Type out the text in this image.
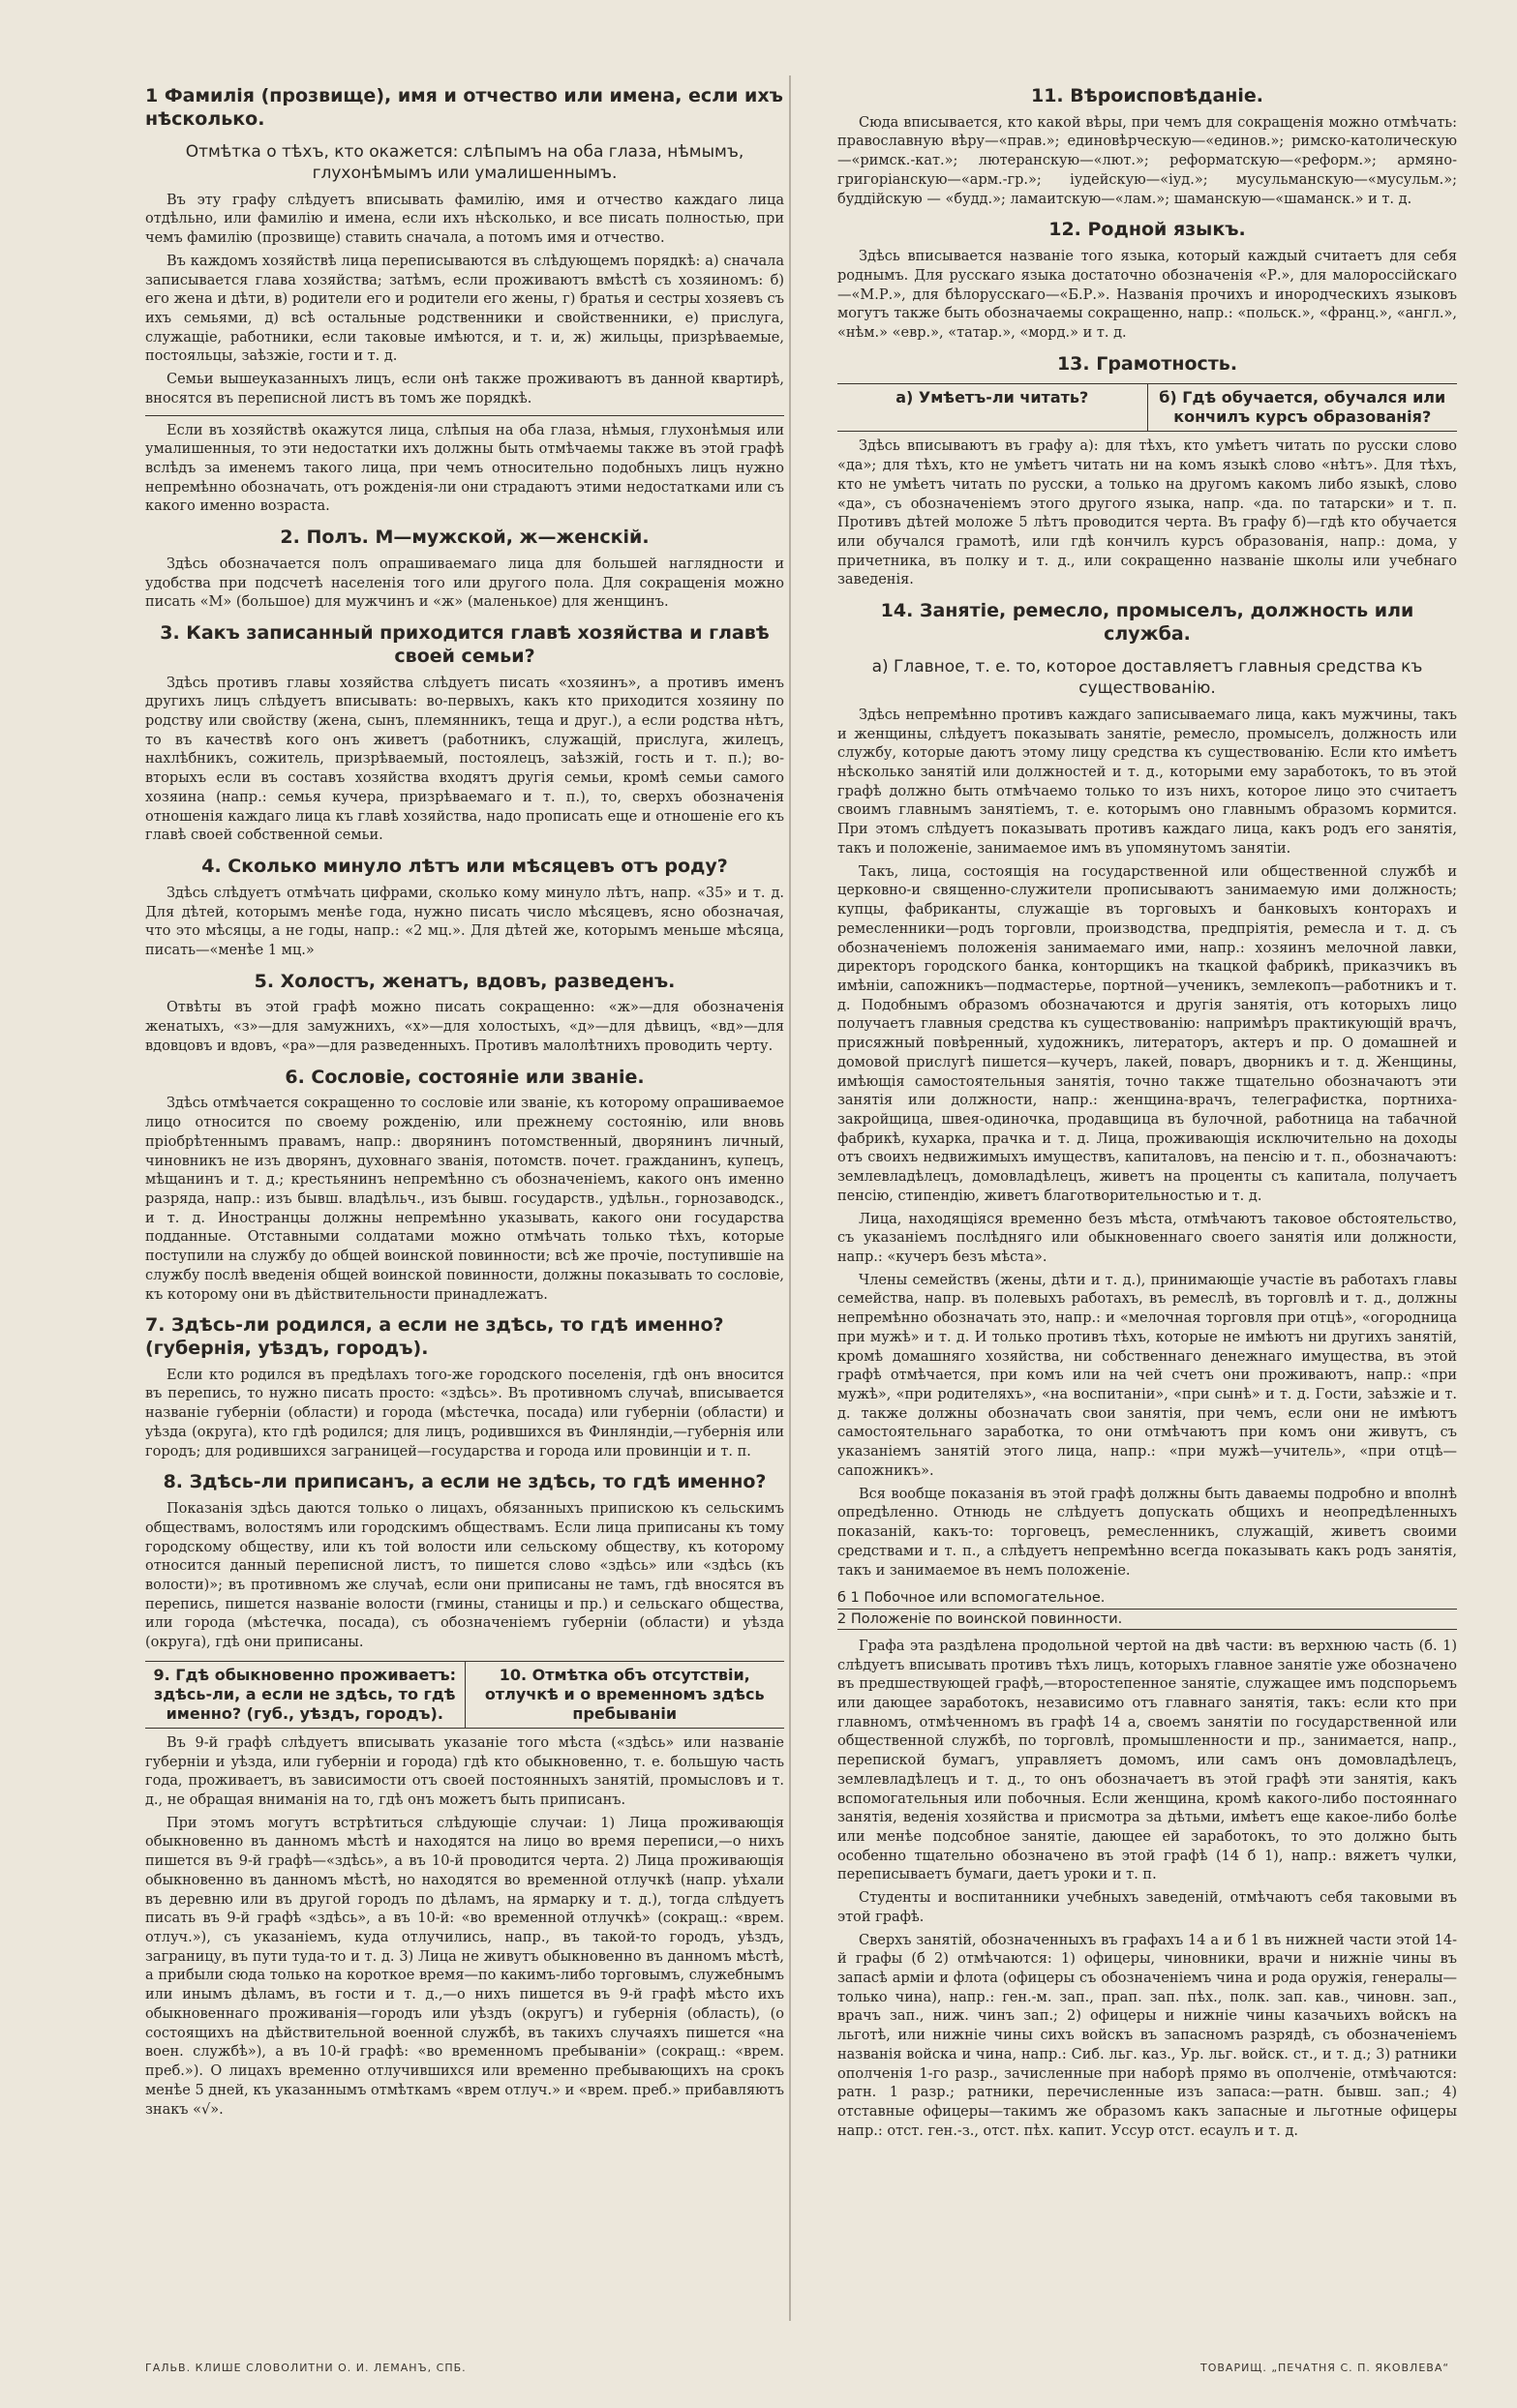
1 Фамилія (прозвище), имя и отчество или имена, если ихъ нѣсколько.
Отмѣтка о тѣхъ, кто окажется: слѣпымъ на оба глаза, нѣмымъ, глухонѣмымъ или умалишеннымъ.

Въ эту графу слѣдуетъ вписывать фамилію, имя и отчество каждаго лица отдѣльно, или фамилію и имена, если ихъ нѣсколько, и все писать полностью, при чемъ фамилію (прозвище) ставить сначала, а потомъ имя и отчество.

Въ каждомъ хозяйствѣ лица переписываются въ слѣдующемъ порядкѣ: а) сначала записывается глава хозяйства; затѣмъ, если проживаютъ вмѣстѣ съ хозяиномъ: б) его жена и дѣти, в) родители его и родители его жены, г) братья и сестры хозяевъ съ ихъ семьями, д) всѣ остальные родственники и свойственники, е) прислуга, служащіе, работники, если таковые имѣются, и т. и, ж) жильцы, призрѣваемые, постояльцы, заѣзжіе, гости и т. д.

Семьи вышеуказанныхъ лицъ, если онѣ также проживаютъ въ данной квартирѣ, вносятся въ переписной листъ въ томъ же порядкѣ.

Если въ хозяйствѣ окажутся лица, слѣпыя на оба глаза, нѣмыя, глухонѣмыя или умалишенныя, то эти недостатки ихъ должны быть отмѣчаемы также въ этой графѣ вслѣдъ за именемъ такого лица, при чемъ относительно подобныхъ лицъ нужно непремѣнно обозначать, отъ рожденія-ли они страдаютъ этими недостатками или съ какого именно возраста.

2. Полъ. М—мужской, ж—женскій.

Здѣсь обозначается полъ опрашиваемаго лица для большей наглядности и удобства при подсчетѣ населенія того или другого пола. Для сокращенія можно писать «М» (большое) для мужчинъ и «ж» (маленькое) для женщинъ.

3. Какъ записанный приходится главѣ хозяйства и главѣ своей семьи?

Здѣсь противъ главы хозяйства слѣдуетъ писать «хозяинъ», а противъ именъ другихъ лицъ слѣдуетъ вписывать: во-первыхъ, какъ кто приходится хозяину по родству или свойству (жена, сынъ, племянникъ, теща и друг.), а если родства нѣтъ, то въ качествѣ кого онъ живетъ (работникъ, служащій, прислуга, жилецъ, нахлѣбникъ, сожитель, призрѣваемый, постоялецъ, заѣзжій, гость и т. п.); во-вторыхъ если въ составъ хозяйства входятъ другія семьи, кромѣ семьи самого хозяина (напр.: семья кучера, призрѣваемаго и т. п.), то, сверхъ обозначенія отношенія каждаго лица къ главѣ хозяйства, надо прописать еще и отношеніе его къ главѣ своей собственной семьи.

4. Сколько минуло лѣтъ или мѣсяцевъ отъ роду?

Здѣсь слѣдуетъ отмѣчать цифрами, сколько кому минуло лѣтъ, напр. «35» и т. д. Для дѣтей, которымъ менѣе года, нужно писать число мѣсяцевъ, ясно обозначая, что это мѣсяцы, а не годы, напр.: «2 мц.». Для дѣтей же, которымъ меньше мѣсяца, писать—«менѣе 1 мц.»

5. Холостъ, женатъ, вдовъ, разведенъ.

Отвѣты въ этой графѣ можно писать сокращенно: «ж»—для обозначенія женатыхъ, «з»—для замужнихъ, «х»—для холостыхъ, «д»—для дѣвицъ, «вд»—для вдовцовъ и вдовъ, «ра»—для разведенныхъ. Противъ малолѣтнихъ проводить черту.

6. Сословіе, состояніе или званіе.

Здѣсь отмѣчается сокращенно то сословіе или званіе, къ которому опрашиваемое лицо относится по своему рожденію, или прежнему состоянію, или вновь пріобрѣтеннымъ правамъ, напр.: дворянинъ потомственный, дворянинъ личный, чиновникъ не изъ дворянъ, духовнаго званія, потомств. почет. гражданинъ, купецъ, мѣщанинъ и т. д.; крестьянинъ непремѣнно съ обозначеніемъ, какого онъ именно разряда, напр.: изъ бывш. владѣльч., изъ бывш. государств., удѣльн., горнозаводск., и т. д. Иностранцы должны непремѣнно указывать, какого они государства подданные. Отставными солдатами можно отмѣчать только тѣхъ, которые поступили на службу до общей воинской повинности; всѣ же прочіе, поступившіе на службу послѣ введенія общей воинской повинности, должны показывать то сословіе, къ которому они въ дѣйствительности принадлежатъ.

7. Здѣсь-ли родился, а если не здѣсь, то гдѣ именно? (губернія, уѣздъ, городъ).

Если кто родился въ предѣлахъ того-же городского поселенія, гдѣ онъ вносится въ перепись, то нужно писать просто: «здѣсь». Въ противномъ случаѣ, вписывается названіе губерніи (области) и города (мѣстечка, посада) или губерніи (области) и уѣзда (округа), кто гдѣ родился; для лицъ, родившихся въ Финляндіи,—губернія или городъ; для родившихся заграницей—государства и города или провинціи и т. п.

8. Здѣсь-ли приписанъ, а если не здѣсь, то гдѣ именно?

Показанія здѣсь даются только о лицахъ, обязанныхъ припискою къ сельскимъ обществамъ, волостямъ или городскимъ обществамъ. Если лица приписаны къ тому городскому обществу, или къ той волости или сельскому обществу, къ которому относится данный переписной листъ, то пишется слово «здѣсь» или «здѣсь (къ волости)»; въ противномъ же случаѣ, если они приписаны не тамъ, гдѣ вносятся въ перепись, пишется названіе волости (гмины, станицы и пр.) и сельскаго общества, или города (мѣстечка, посада), съ обозначеніемъ губерніи (области) и уѣзда (округа), гдѣ они приписаны.

9. Гдѣ обыкновенно проживаетъ: здѣсь-ли, а если не здѣсь, то гдѣ именно? (губ., уѣздъ, городъ).
10. Отмѣтка объ отсутствіи, отлучкѣ и о временномъ здѣсь пребываніи

Въ 9-й графѣ слѣдуетъ вписывать указаніе того мѣста («здѣсь» или названіе губерніи и уѣзда, или губерніи и города) гдѣ кто обыкновенно, т. е. большую часть года, проживаетъ, въ зависимости отъ своей постоянныхъ занятій, промысловъ и т. д., не обращая вниманія на то, гдѣ онъ можетъ быть приписанъ.

При этомъ могутъ встрѣтиться слѣдующіе случаи: 1) Лица проживающія обыкновенно въ данномъ мѣстѣ и находятся на лицо во время переписи,—о нихъ пишется въ 9-й графѣ—«здѣсь», а въ 10-й проводится черта. 2) Лица проживающія обыкновенно въ данномъ мѣстѣ, но находятся во временной отлучкѣ (напр. уѣхали въ деревню или въ другой городъ по дѣламъ, на ярмарку и т. д.), тогда слѣдуетъ писать въ 9-й графѣ «здѣсь», а въ 10-й: «во временной отлучкѣ» (сокращ.: «врем. отлуч.»), съ указаніемъ, куда отлучились, напр., въ такой-то городъ, уѣздъ, заграницу, въ пути туда-то и т. д. 3) Лица не живутъ обыкновенно въ данномъ мѣстѣ, а прибыли сюда только на короткое время—по какимъ-либо торговымъ, служебнымъ или инымъ дѣламъ, въ гости и т. д.,—о нихъ пишется въ 9-й графѣ мѣсто ихъ обыкновеннаго проживанія—городъ или уѣздъ (округъ) и губернія (область), (о состоящихъ на дѣйствительной военной службѣ, въ такихъ случаяхъ пишется «на воен. службѣ»), а въ 10-й графѣ: «во временномъ пребываніи» (сокращ.: «врем. преб.»). О лицахъ временно отлучившихся или временно пребывающихъ на срокъ менѣе 5 дней, къ указаннымъ отмѣткамъ «врем отлуч.» и «врем. преб.» прибавляютъ знакъ «√».

11. Вѣроисповѣданіе.

Сюда вписывается, кто какой вѣры, при чемъ для сокращенія можно отмѣчать: православную вѣру—«прав.»; единовѣрческую—«единов.»; римско-католическую—«римск.-кат.»; лютеранскую—«лют.»; реформатскую—«реформ.»; армяно-григоріанскую—«арм.-гр.»; іудейскую—«іуд.»; мусульманскую—«мусульм.»; буддійскую — «будд.»; ламаитскую—«лам.»; шаманскую—«шаманск.» и т. д.

12. Родной языкъ.

Здѣсь вписывается названіе того языка, который каждый считаетъ для себя роднымъ. Для русскаго языка достаточно обозначенія «Р.», для малороссійскаго—«М.Р.», для бѣлорусскаго—«Б.Р.». Названія прочихъ и инородческихъ языковъ могутъ также быть обозначаемы сокращенно, напр.: «польск.», «франц.», «англ.», «нѣм.» «евр.», «татар.», «морд.» и т. д.

13. Грамотность.
а) Умѣетъ-ли читать?	б) Гдѣ обучается, обучался или кончилъ курсъ образованія?

Здѣсь вписываютъ въ графу а): для тѣхъ, кто умѣетъ читать по русски слово «да»; для тѣхъ, кто не умѣетъ читать ни на комъ языкѣ слово «нѣтъ». Для тѣхъ, кто не умѣетъ читать по русски, а только на другомъ какомъ либо языкѣ, слово «да», съ обозначеніемъ этого другого языка, напр. «да. по татарски» и т. п. Противъ дѣтей моложе 5 лѣтъ проводится черта. Въ графу б)—гдѣ кто обучается или обучался грамотѣ, или гдѣ кончилъ курсъ образованія, напр.: дома, у причетника, въ полку и т. д., или сокращенно названіе школы или учебнаго заведенія.

14. Занятіе, ремесло, промыселъ, должность или служба.
а) Главное, т. е. то, которое доставляетъ главныя средства къ существованію.

Здѣсь непремѣнно противъ каждаго записываемаго лица, какъ мужчины, такъ и женщины, слѣдуетъ показывать занятіе, ремесло, промыселъ, должность или службу, которые даютъ этому лицу средства къ существованію. Если кто имѣетъ нѣсколько занятій или должностей и т. д., которыми ему заработокъ, то въ этой графѣ должно быть отмѣчаемо только то изъ нихъ, которое лицо это считаетъ своимъ главнымъ занятіемъ, т. е. которымъ оно главнымъ образомъ кормится. При этомъ слѣдуетъ показывать противъ каждаго лица, какъ родъ его занятія, такъ и положеніе, занимаемое имъ въ упомянутомъ занятіи.

Такъ, лица, состоящія на государственной или общественной службѣ и церковно-и священно-служители прописываютъ занимаемую ими должность; купцы, фабриканты, служащіе въ торговыхъ и банковыхъ конторахъ и ремесленники—родъ торговли, производства, предпріятія, ремесла и т. д. съ обозначеніемъ положенія занимаемаго ими, напр.: хозяинъ мелочной лавки, директоръ городского банка, конторщикъ на ткацкой фабрикѣ, приказчикъ въ имѣніи, сапожникъ—подмастерье, портной—ученикъ, землекопъ—работникъ и т. д. Подобнымъ образомъ обозначаются и другія занятія, отъ которыхъ лицо получаетъ главныя средства къ существованію: напримѣръ практикующій врачъ, присяжный повѣренный, художникъ, литераторъ, актеръ и пр. О домашней и домовой прислугѣ пишется—кучеръ, лакей, поваръ, дворникъ и т. д. Женщины, имѣющія самостоятельныя занятія, точно также тщательно обозначаютъ эти занятія или должности, напр.: женщина-врачъ, телеграфистка, портниха-закройщица, швея-одиночка, продавщица въ булочной, работница на табачной фабрикѣ, кухарка, прачка и т. д. Лица, проживающія исключительно на доходы отъ своихъ недвижимыхъ имуществъ, капиталовъ, на пенсію и т. п., обозначаютъ: землевладѣлецъ, домовладѣлецъ, живетъ на проценты съ капитала, получаетъ пенсію, стипендію, живетъ благотворительностью и т. д.

Лица, находящіяся временно безъ мѣста, отмѣчаютъ таковое обстоятельство, съ указаніемъ послѣдняго или обыкновеннаго своего занятія или должности, напр.: «кучеръ безъ мѣста».

Члены семействъ (жены, дѣти и т. д.), принимающіе участіе въ работахъ главы семейства, напр. въ полевыхъ работахъ, въ ремеслѣ, въ торговлѣ и т. д., должны непремѣнно обозначать это, напр.: и «мелочная торговля при отцѣ», «огородница при мужѣ» и т. д. И только противъ тѣхъ, которые не имѣютъ ни другихъ занятій, кромѣ домашняго хозяйства, ни собственнаго денежнаго имущества, въ этой графѣ отмѣчается, при комъ или на чей счетъ они проживаютъ, напр.: «при мужѣ», «при родителяхъ», «на воспитаніи», «при сынѣ» и т. д. Гости, заѣзжіе и т. д. также должны обозначать свои занятія, при чемъ, если они не имѣютъ самостоятельнаго заработка, то они отмѣчаютъ при комъ они живутъ, съ указаніемъ занятій этого лица, напр.: «при мужѣ—учитель», «при отцѣ—сапожникъ».

Вся вообще показанія въ этой графѣ должны быть даваемы подробно и вполнѣ опредѣленно. Отнюдь не слѣдуетъ допускать общихъ и неопредѣленныхъ показаній, какъ-то: торговецъ, ремесленникъ, служащій, живетъ своими средствами и т. п., а слѣдуетъ непремѣнно всегда показывать какъ родъ занятія, такъ и занимаемое въ немъ положеніе.

б 1 Побочное или вспомогательное.
2 Положеніе по воинской повинности.

Графа эта раздѣлена продольной чертой на двѣ части: въ верхнюю часть (б. 1) слѣдуетъ вписывать противъ тѣхъ лицъ, которыхъ главное занятіе уже обозначено въ предшествующей графѣ,—второстепенное занятіе, служащее имъ подспорьемъ или дающее заработокъ, независимо отъ главнаго занятія, такъ: если кто при главномъ, отмѣченномъ въ графѣ 14 а, своемъ занятіи по государственной или общественной службѣ, по торговлѣ, промышленности и пр., занимается, напр., перепиской бумагъ, управляетъ домомъ, или самъ онъ домовладѣлецъ, землевладѣлецъ и т. д., то онъ обозначаетъ въ этой графѣ эти занятія, какъ вспомогательныя или побочныя. Если женщина, кромѣ какого-либо постояннаго занятія, веденія хозяйства и присмотра за дѣтьми, имѣетъ еще какое-либо болѣе или менѣе подсобное занятіе, дающее ей заработокъ, то это должно быть особенно тщательно обозначено въ этой графѣ (14 б 1), напр.: вяжетъ чулки, переписываетъ бумаги, даетъ уроки и т. п.

Студенты и воспитанники учебныхъ заведеній, отмѣчаютъ себя таковыми въ этой графѣ.

Сверхъ занятій, обозначенныхъ въ графахъ 14 а и б 1 въ нижней части этой 14-й графы (б 2) отмѣчаются: 1) офицеры, чиновники, врачи и нижніе чины въ запасѣ арміи и флота (офицеры съ обозначеніемъ чина и рода оружія, генералы—только чина), напр.: ген.-м. зап., прап. зап. пѣх., полк. зап. кав., чиновн. зап., врачъ зап., ниж. чинъ зап.; 2) офицеры и нижніе чины казачьихъ войскъ на льготѣ, или нижніе чины сихъ войскъ въ запасномъ разрядѣ, съ обозначеніемъ названія войска и чина, напр.: Сиб. льг. каз., Ур. льг. войск. ст., и т. д.; 3) ратники ополченія 1-го разр., зачисленные при наборѣ прямо въ ополченіе, отмѣчаются: ратн. 1 разр.; ратники, перечисленные изъ запаса:—ратн. бывш. зап.; 4) отставные офицеры—такимъ же образомъ какъ запасные и льготные офицеры напр.: отст. ген.-з., отст. пѣх. капит. Уссур отст. есаулъ и т. д.

ГАЛЬВ. КЛИШЕ СЛОВОЛИТНИ О. И. ЛЕМАНЪ, СПБ.	ТОВАРИЩ. „ПЕЧАТНЯ С. П. ЯКОВЛЕВА“
